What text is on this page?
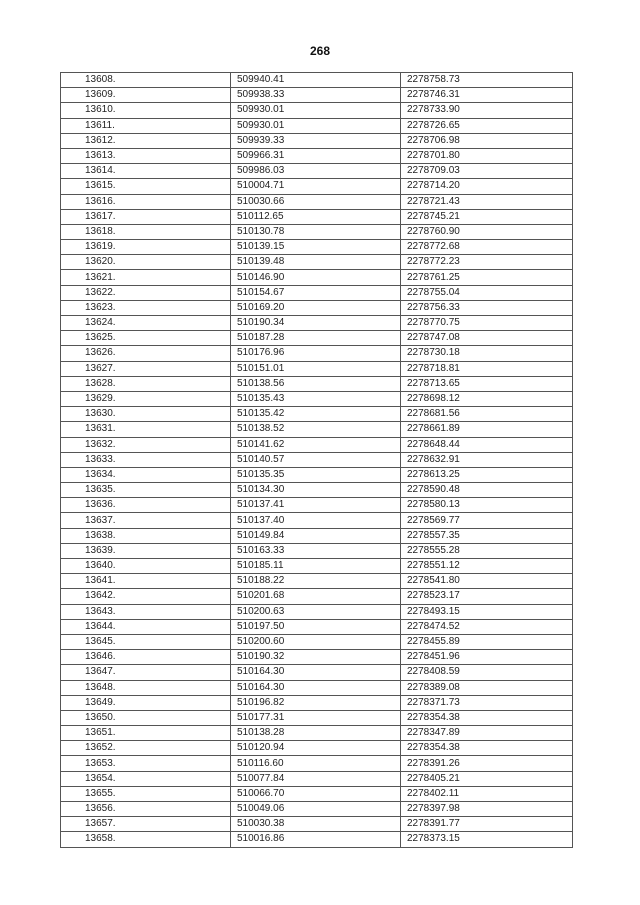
268
13608.	509940.41	2278758.73
13609.	509938.33	2278746.31
13610.	509930.01	2278733.90
13611.	509930.01	2278726.65
13612.	509939.33	2278706.98
13613.	509966.31	2278701.80
13614.	509986.03	2278709.03
13615.	510004.71	2278714.20
13616.	510030.66	2278721.43
13617.	510112.65	2278745.21
13618.	510130.78	2278760.90
13619.	510139.15	2278772.68
13620.	510139.48	2278772.23
13621.	510146.90	2278761.25
13622.	510154.67	2278755.04
13623.	510169.20	2278756.33
13624.	510190.34	2278770.75
13625.	510187.28	2278747.08
13626.	510176.96	2278730.18
13627.	510151.01	2278718.81
13628.	510138.56	2278713.65
13629.	510135.43	2278698.12
13630.	510135.42	2278681.56
13631.	510138.52	2278661.89
13632.	510141.62	2278648.44
13633.	510140.57	2278632.91
13634.	510135.35	2278613.25
13635.	510134.30	2278590.48
13636.	510137.41	2278580.13
13637.	510137.40	2278569.77
13638.	510149.84	2278557.35
13639.	510163.33	2278555.28
13640.	510185.11	2278551.12
13641.	510188.22	2278541.80
13642.	510201.68	2278523.17
13643.	510200.63	2278493.15
13644.	510197.50	2278474.52
13645.	510200.60	2278455.89
13646.	510190.32	2278451.96
13647.	510164.30	2278408.59
13648.	510164.30	2278389.08
13649.	510196.82	2278371.73
13650.	510177.31	2278354.38
13651.	510138.28	2278347.89
13652.	510120.94	2278354.38
13653.	510116.60	2278391.26
13654.	510077.84	2278405.21
13655.	510066.70	2278402.11
13656.	510049.06	2278397.98
13657.	510030.38	2278391.77
13658.	510016.86	2278373.15
